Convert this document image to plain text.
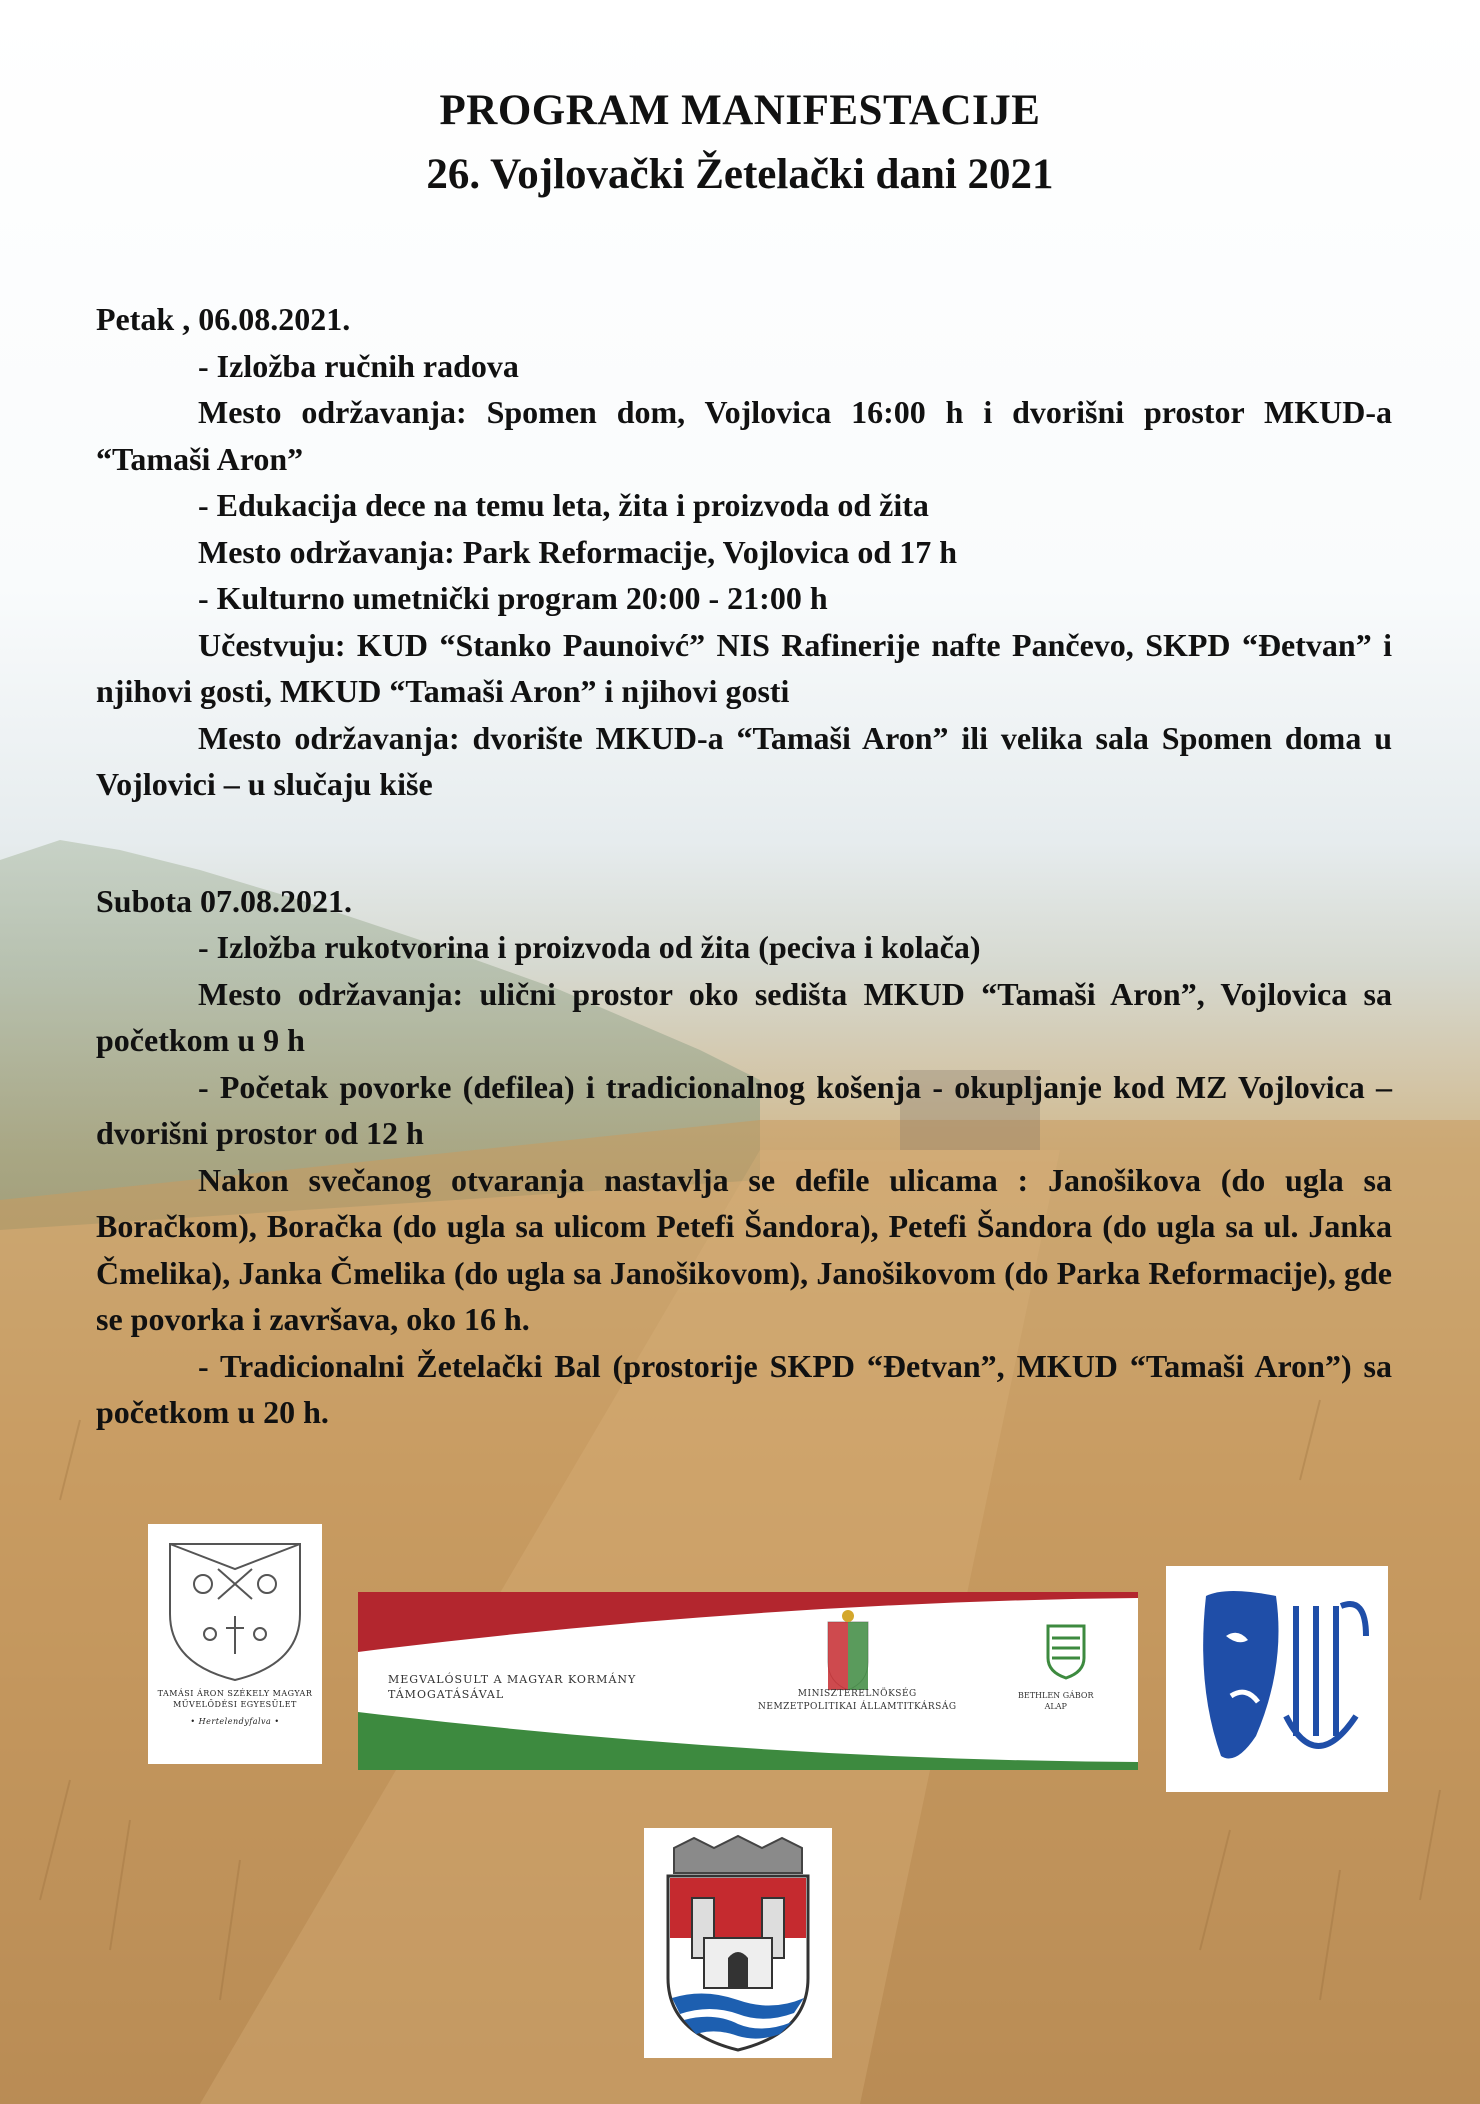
PROGRAM MANIFESTACIJE
26. Vojlovački Žetelački dani 2021

Petak , 06.08.2021.

- Izložba ručnih radova

Mesto održavanja: Spomen dom, Vojlovica 16:00 h i dvorišni prostor MKUD-a “Tamaši Aron”

- Edukacija dece na temu leta, žita i proizvoda od žita

Mesto održavanja: Park Reformacije, Vojlovica od 17 h

- Kulturno umetnički program 20:00 - 21:00 h

Učestvuju: KUD “Stanko Paunoivć” NIS Rafinerije nafte Pančevo, SKPD “Đetvan” i njihovi gosti, MKUD “Tamaši Aron” i njihovi gosti

Mesto održavanja: dvorište MKUD-a “Tamaši Aron” ili velika sala Spomen doma u Vojlovici – u slučaju kiše

Subota 07.08.2021.

- Izložba rukotvorina i proizvoda od žita (peciva i kolača)

Mesto održavanja: ulični prostor oko sedišta MKUD “Tamaši Aron”, Vojlovica sa početkom u 9 h

- Početak povorke (defilea) i tradicionalnog košenja - okupljanje kod MZ Vojlovica – dvorišni prostor od 12 h

Nakon svečanog otvaranja nastavlja se defile ulicama : Janošikova (do ugla sa Boračkom), Boračka (do ugla sa ulicom Petefi Šandora), Petefi Šandora (do ugla sa ul. Janka Čmelika), Janka Čmelika (do ugla sa Janošikovom), Janošikovom (do Parka Reformacije), gde se povorka i završava, oko 16 h.

- Tradicionalni Žetelački Bal (prostorije SKPD “Đetvan”, MKUD “Tamaši Aron”) sa početkom u 20 h.

TAMÁSI ÁRON SZÉKELY MAGYAR MŰVELŐDÉSI EGYESÜLET
• Hertelendyfalva •
MEGVALÓSULT A MAGYAR KORMÁNY
TÁMOGATÁSÁVAL	MINISZTERELNÖKSÉG
NEMZETPOLITIKAI ÁLLAMTITKÁRSÁG
BETHLEN GÁBOR
ALAP
